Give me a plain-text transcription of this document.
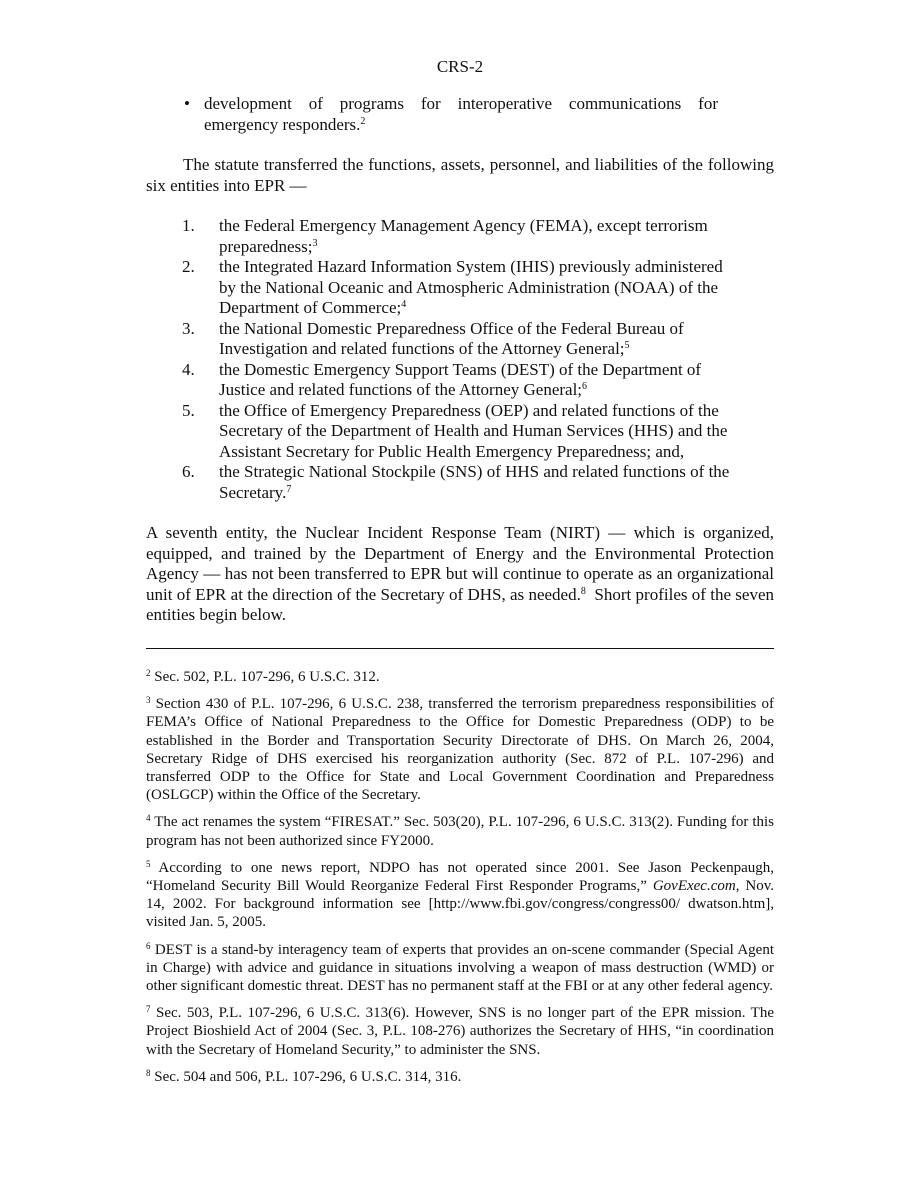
CRS-2
• development of programs for interoperative communications for emergency responders.$^2$

The statute transferred the functions, assets, personnel, and liabilities of the following six entities into EPR —

1. the Federal Emergency Management Agency (FEMA), except terrorism preparedness;$^3$
2. the Integrated Hazard Information System (IHIS) previously administered by the National Oceanic and Atmospheric Administration (NOAA) of the Department of Commerce;$^4$
3. the National Domestic Preparedness Office of the Federal Bureau of Investigation and related functions of the Attorney General;$^5$
4. the Domestic Emergency Support Teams (DEST) of the Department of Justice and related functions of the Attorney General;$^6$
5. the Office of Emergency Preparedness (OEP) and related functions of the Secretary of the Department of Health and Human Services (HHS) and the Assistant Secretary for Public Health Emergency Preparedness; and,
6. the Strategic National Stockpile (SNS) of HHS and related functions of the Secretary.$^7$

A seventh entity, the Nuclear Incident Response Team (NIRT) — which is organized, equipped, and trained by the Department of Energy and the Environmental Protection Agency — has not been transferred to EPR but will continue to operate as an organizational unit of EPR at the direction of the Secretary of DHS, as needed.$^8$  Short profiles of the seven entities begin below.

$^2$ Sec. 502, P.L. 107-296, 6 U.S.C. 312.

$^3$ Section 430 of P.L. 107-296, 6 U.S.C. 238, transferred the terrorism preparedness responsibilities of FEMA’s Office of National Preparedness to the Office for Domestic Preparedness (ODP) to be established in the Border and Transportation Security Directorate of DHS. On March 26, 2004, Secretary Ridge of DHS exercised his reorganization authority (Sec. 872 of P.L. 107-296) and transferred ODP to the Office for State and Local Government Coordination and Preparedness (OSLGCP) within the Office of the Secretary.

$^4$ The act renames the system “FIRESAT.” Sec. 503(20), P.L. 107-296, 6 U.S.C. 313(2). Funding for this program has not been authorized since FY2000.

$^5$ According to one news report, NDPO has not operated since 2001. See Jason Peckenpaugh, “Homeland Security Bill Would Reorganize Federal First Responder Programs,” GovExec.com, Nov. 14, 2002. For background information see [http://www.fbi.gov/congress/congress00/ dwatson.htm], visited Jan. 5, 2005.

$^6$ DEST is a stand-by interagency team of experts that provides an on-scene commander (Special Agent in Charge) with advice and guidance in situations involving a weapon of mass destruction (WMD) or other significant domestic threat. DEST has no permanent staff at the FBI or at any other federal agency.

$^7$ Sec. 503, P.L. 107-296, 6 U.S.C. 313(6). However, SNS is no longer part of the EPR mission. The Project Bioshield Act of 2004 (Sec. 3, P.L. 108-276) authorizes the Secretary of HHS, “in coordination with the Secretary of Homeland Security,” to administer the SNS.

$^8$ Sec. 504 and 506, P.L. 107-296, 6 U.S.C. 314, 316.
